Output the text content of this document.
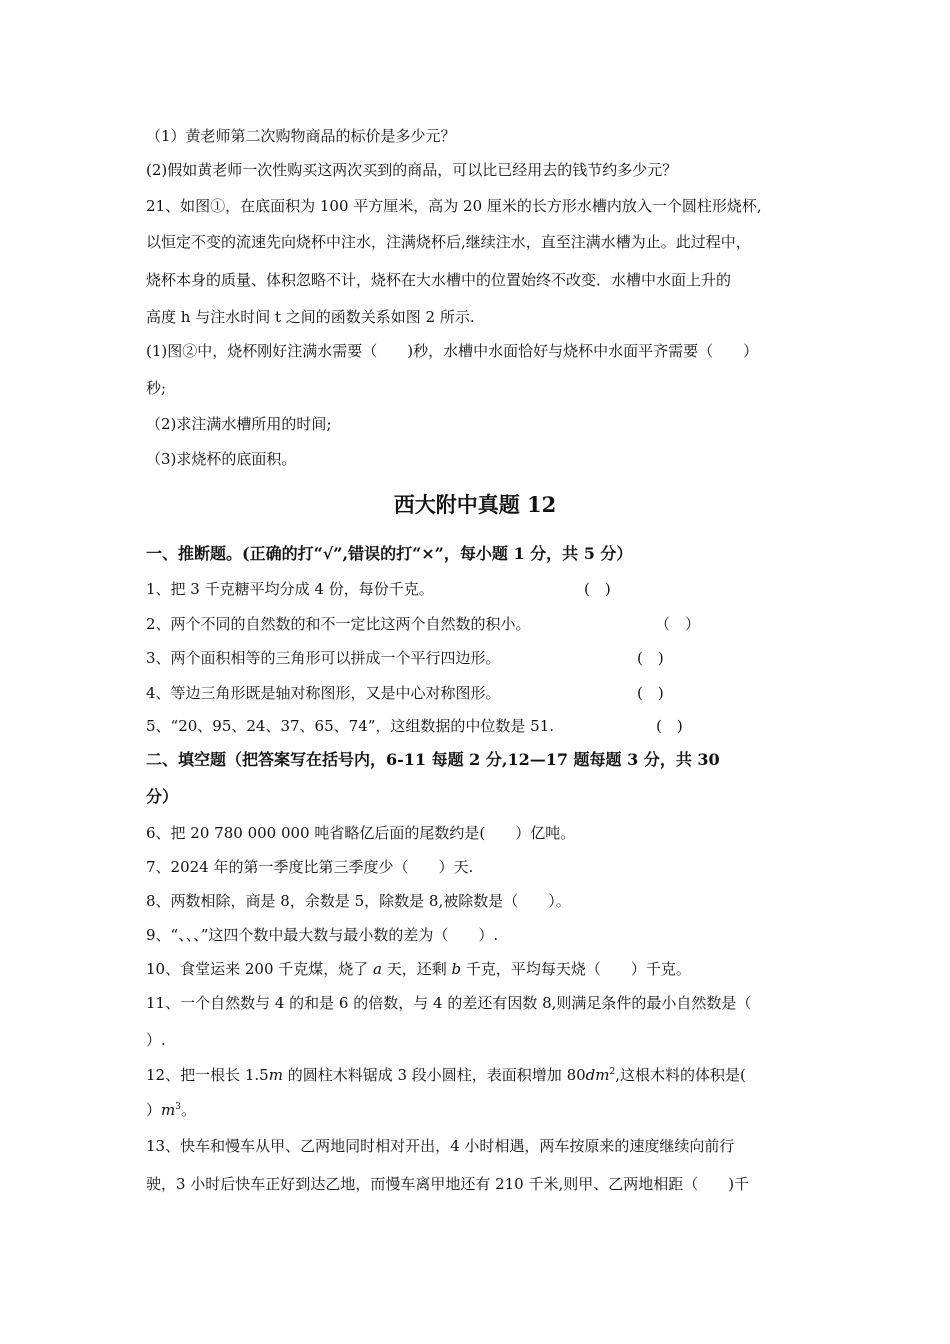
（1）黄老师第二次购物商品的标价是多少元？
(2)假如黄老师一次性购买这两次买到的商品，可以比已经用去的钱节约多少元？
21、如图①，在底面积为 100 平方厘米，高为 20 厘米的长方形水槽内放入一个圆柱形烧杯,
以恒定不变的流速先向烧杯中注水，注满烧杯后,继续注水，直至注满水槽为止。此过程中，
烧杯本身的质量、体积忽略不计，烧杯在大水槽中的位置始终不改变．水槽中水面上升的
高度 h 与注水时间 t 之间的函数关系如图 2 所示.
(1)图②中，烧杯刚好注满水需要（　　)秒，水槽中水面恰好与烧杯中水面平齐需要（　　）
秒;
（2)求注满水槽所用的时间;
（3)求烧杯的底面积。
西大附中真题 12
一、推断题。(正确的打“√”,错误的打“×”，每小题 1 分，共 5 分）
1、把 3 千克糖平均分成 4 份，每份千克。	(　)
2、两个不同的自然数的和不一定比这两个自然数的积小。	（　）
3、两个面积相等的三角形可以拼成一个平行四边形。	(　)
4、等边三角形既是轴对称图形，又是中心对称图形。	(　)
5、“20、95、24、37、65、74”，这组数据的中位数是 51.	(　)
二、填空题（把答案写在括号内，6-11 每题 2 分,12—17 题每题 3 分，共 30
分）
6、把 20 780 000 000 吨省略亿后面的尾数约是(　　）亿吨。
7、2024 年的第一季度比第三季度少（　　）天.
8、两数相除，商是 8，余数是 5，除数是 8,被除数是（　　）。
9、“、、、”这四个数中最大数与最小数的差为（　　）.
10、食堂运来 200 千克煤，烧了 a 天，还剩 b 千克，平均每天烧（　　）千克。
11、一个自然数与 4 的和是 6 的倍数，与 4 的差还有因数 8,则满足条件的最小自然数是（
）.
12、把一根长 1.5m 的圆柱木料锯成 3 段小圆柱，表面积增加 $80dm^2$,这根木料的体积是(
）$m^3$。
13、快车和慢车从甲、乙两地同时相对开出，4 小时相遇，两车按原来的速度继续向前行
驶，3 小时后快车正好到达乙地，而慢车离甲地还有 210 千米,则甲、乙两地相距（　　)千
